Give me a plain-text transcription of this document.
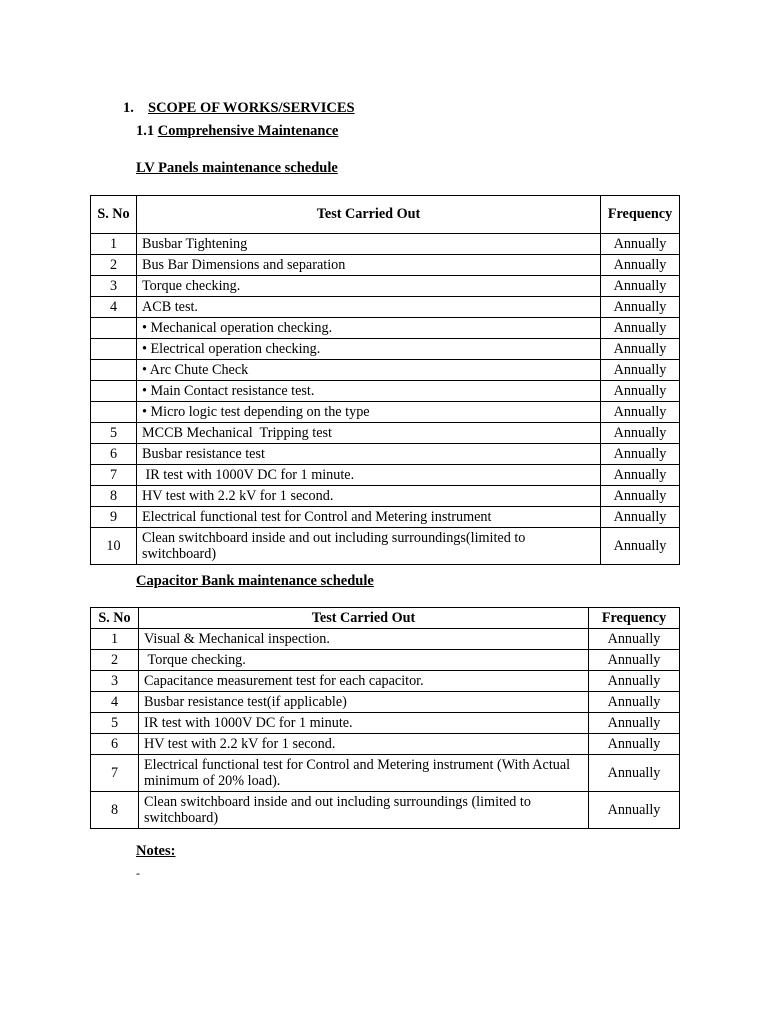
1. SCOPE OF WORKS/SERVICES
1.1 Comprehensive Maintenance
LV Panels maintenance schedule
S. No	Test Carried Out	Frequency
1	Busbar Tightening	Annually
2	Bus Bar Dimensions and separation	Annually
3	Torque checking.	Annually
4	ACB test.	Annually
	• Mechanical operation checking.	Annually
	• Electrical operation checking.	Annually
	• Arc Chute Check	Annually
	• Main Contact resistance test.	Annually
	• Micro logic test depending on the type	Annually
5	MCCB Mechanical  Tripping test	Annually
6	Busbar resistance test	Annually
7	IR test with 1000V DC for 1 minute.	Annually
8	HV test with 2.2 kV for 1 second.	Annually
9	Electrical functional test for Control and Metering instrument	Annually
10	Clean switchboard inside and out including surroundings(limited to switchboard)	Annually
Capacitor Bank maintenance schedule
S. No	Test Carried Out	Frequency
1	Visual & Mechanical inspection.	Annually
2	Torque checking.	Annually
3	Capacitance measurement test for each capacitor.	Annually
4	Busbar resistance test(if applicable)	Annually
5	IR test with 1000V DC for 1 minute.	Annually
6	HV test with 2.2 kV for 1 second.	Annually
7	Electrical functional test for Control and Metering instrument (With Actual minimum of 20% load).	Annually
8	Clean switchboard inside and out including surroundings (limited to switchboard)	Annually
Notes:
-
